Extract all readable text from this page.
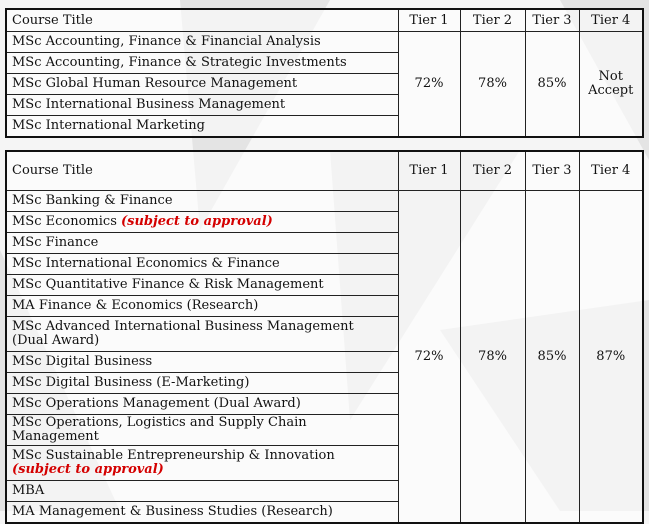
Course Title	Tier 1	Tier 2	Tier 3	Tier 4
MSc Accounting, Finance & Financial Analysis	72%	78%	85%	Not Accept
MSc Accounting, Finance & Strategic Investments				
MSc Global Human Resource Management				
MSc International Business Management				
MSc International Marketing				
Course Title	Tier 1	Tier 2	Tier 3	Tier 4
MSc Banking & Finance	72%	78%	85%	87%
MSc Economics (subject to approval)				
MSc Finance				
MSc International Economics & Finance				
MSc Quantitative Finance & Risk Management				
MA Finance & Economics (Research)				
MSc Advanced International Business Management (Dual Award)				
MSc Digital Business				
MSc Digital Business (E-Marketing)				
MSc Operations Management (Dual Award)				
MSc Operations, Logistics and Supply Chain Management				
MSc Sustainable Entrepreneurship & Innovation
(subject to approval)				
MBA				
MA Management & Business Studies (Research)				
